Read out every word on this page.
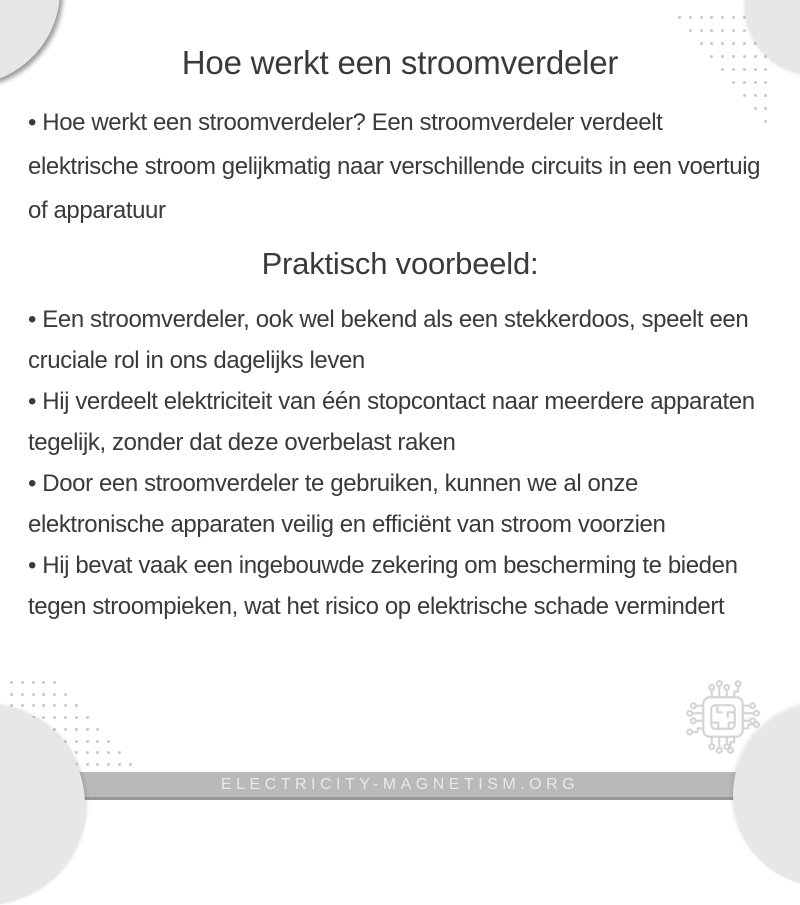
ELECTRICITY-MAGNETISM.ORG
Hoe werkt een stroomverdeler

• Hoe werkt een stroomverdeler? Een stroomverdeler verdeelt elektrische stroom gelijkmatig naar verschillende circuits in een voertuig of apparatuur

Praktisch voorbeeld:

• Een stroomverdeler, ook wel bekend als een stekkerdoos, speelt een cruciale rol in ons dagelijks leven

• Hij verdeelt elektriciteit van één stopcontact naar meerdere apparaten tegelijk, zonder dat deze overbelast raken

• Door een stroomverdeler te gebruiken, kunnen we al onze elektronische apparaten veilig en efficiënt van stroom voorzien

• Hij bevat vaak een ingebouwde zekering om bescherming te bieden tegen stroompieken, wat het risico op elektrische schade vermindert
